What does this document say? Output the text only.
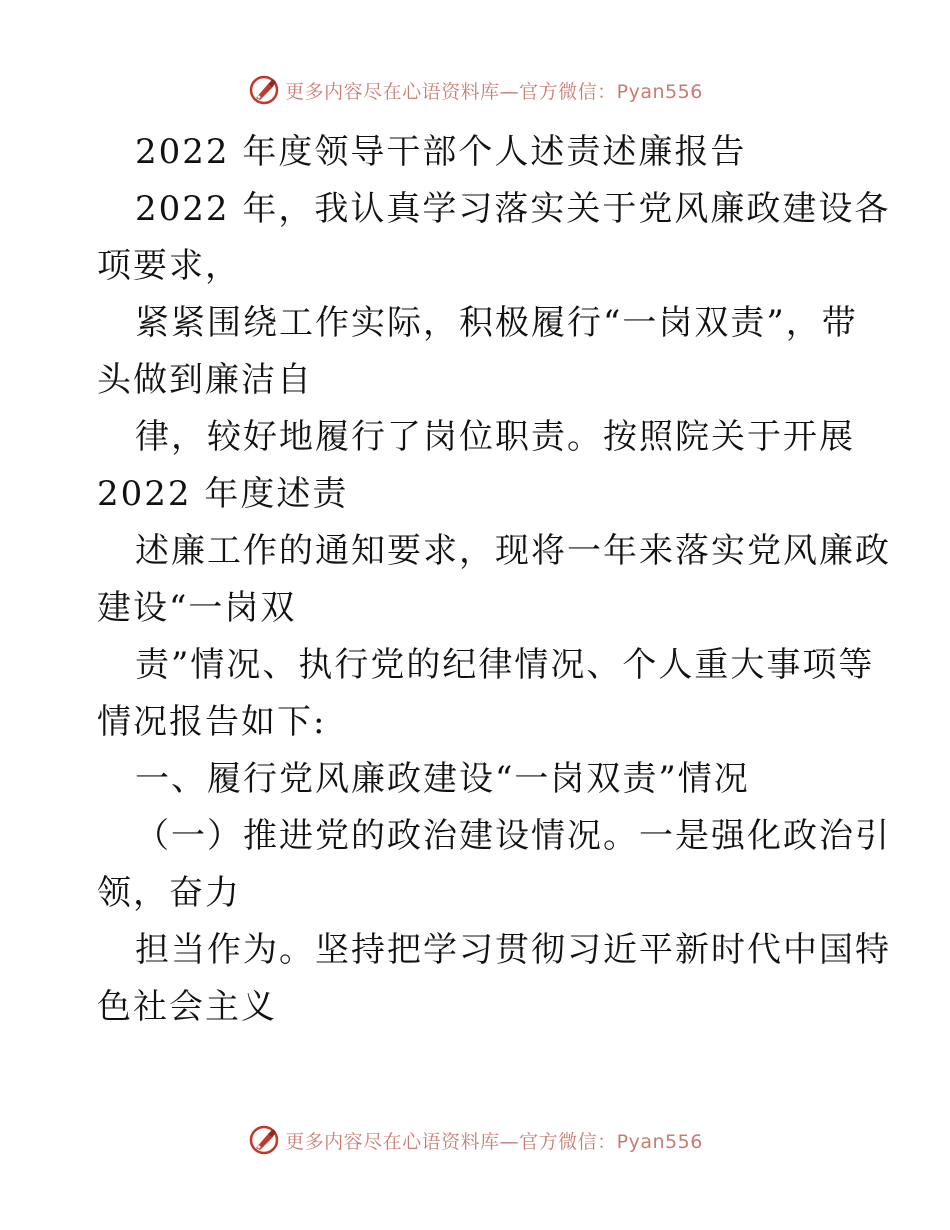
更多内容尽在心语资料库—官方微信：Pyan556
2022 年度领导干部个人述责述廉报告
2022 年，我认真学习落实关于党风廉政建设各
项要求，
紧紧围绕工作实际，积极履行“一岗双责”，带
头做到廉洁自
律，较好地履行了岗位职责。按照院关于开展
2022 年度述责
述廉工作的通知要求，现将一年来落实党风廉政
建设“一岗双
责”情况、执行党的纪律情况、个人重大事项等
情况报告如下:
一、履行党风廉政建设“一岗双责”情况
（一）推进党的政治建设情况。一是强化政治引
领，奋力
担当作为。坚持把学习贯彻习近平新时代中国特
色社会主义
更多内容尽在心语资料库—官方微信：Pyan556
